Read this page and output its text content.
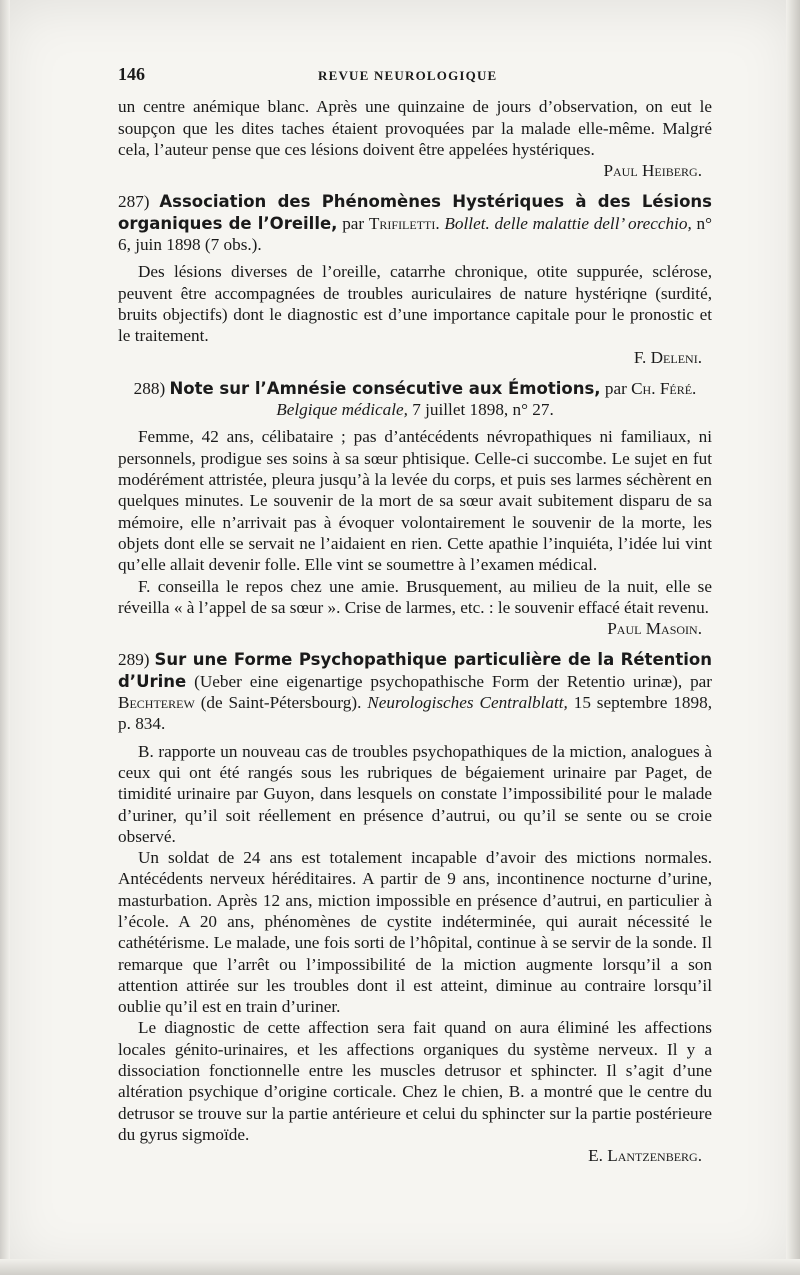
146	REVUE NEUROLOGIQUE

un centre anémique blanc. Après une quinzaine de jours d’observation, on eut le soupçon que les dites taches étaient provoquées par la malade elle-même. Malgré cela, l’auteur pense que ces lésions doivent être appelées hystériques.

Paul Heiberg.

287) Association des Phénomènes Hystériques à des Lésions organiques de l’Oreille, par Trifiletti. Bollet. delle malattie dell’ orecchio, n° 6, juin 1898 (7 obs.).

Des lésions diverses de l’oreille, catarrhe chronique, otite suppurée, sclérose, peuvent être accompagnées de troubles auriculaires de nature hystériqne (surdité, bruits objectifs) dont le diagnostic est d’une importance capitale pour le pronostic et le traitement.

F. Deleni.

288) Note sur l’Amnésie consécutive aux Émotions, par Ch. Féré.

Belgique médicale, 7 juillet 1898, n° 27.

Femme, 42 ans, célibataire ; pas d’antécédents névropathiques ni familiaux, ni personnels, prodigue ses soins à sa sœur phtisique. Celle-ci succombe. Le sujet en fut modérément attristée, pleura jusqu’à la levée du corps, et puis ses larmes séchèrent en quelques minutes. Le souvenir de la mort de sa sœur avait subitement disparu de sa mémoire, elle n’arrivait pas à évoquer volontairement le souvenir de la morte, les objets dont elle se servait ne l’aidaient en rien. Cette apathie l’inquiéta, l’idée lui vint qu’elle allait devenir folle. Elle vint se soumettre à l’examen médical.

F. conseilla le repos chez une amie. Brusquement, au milieu de la nuit, elle se réveilla « à l’appel de sa sœur ». Crise de larmes, etc. : le souvenir effacé était revenu.

Paul Masoin.

289) Sur une Forme Psychopathique particulière de la Rétention d’Urine (Ueber eine eigenartige psychopathische Form der Retentio urinæ), par Bechterew (de Saint-Pétersbourg). Neurologisches Centralblatt, 15 septembre 1898, p. 834.

B. rapporte un nouveau cas de troubles psychopathiques de la miction, analogues à ceux qui ont été rangés sous les rubriques de bégaiement urinaire par Paget, de timidité urinaire par Guyon, dans lesquels on constate l’impossibilité pour le malade d’uriner, qu’il soit réellement en présence d’autrui, ou qu’il se sente ou se croie observé.

Un soldat de 24 ans est totalement incapable d’avoir des mictions normales. Antécédents nerveux héréditaires. A partir de 9 ans, incontinence nocturne d’urine, masturbation. Après 12 ans, miction impossible en présence d’autrui, en particulier à l’école. A 20 ans, phénomènes de cystite indéterminée, qui aurait nécessité le cathétérisme. Le malade, une fois sorti de l’hôpital, continue à se servir de la sonde. Il remarque que l’arrêt ou l’impossibilité de la miction augmente lorsqu’il a son attention attirée sur les troubles dont il est atteint, diminue au contraire lorsqu’il oublie qu’il est en train d’uriner.

Le diagnostic de cette affection sera fait quand on aura éliminé les affections locales génito-urinaires, et les affections organiques du système nerveux. Il y a dissociation fonctionnelle entre les muscles detrusor et sphincter. Il s’agit d’une altération psychique d’origine corticale. Chez le chien, B. a montré que le centre du detrusor se trouve sur la partie antérieure et celui du sphincter sur la partie postérieure du gyrus sigmoïde.

E. Lantzenberg.
